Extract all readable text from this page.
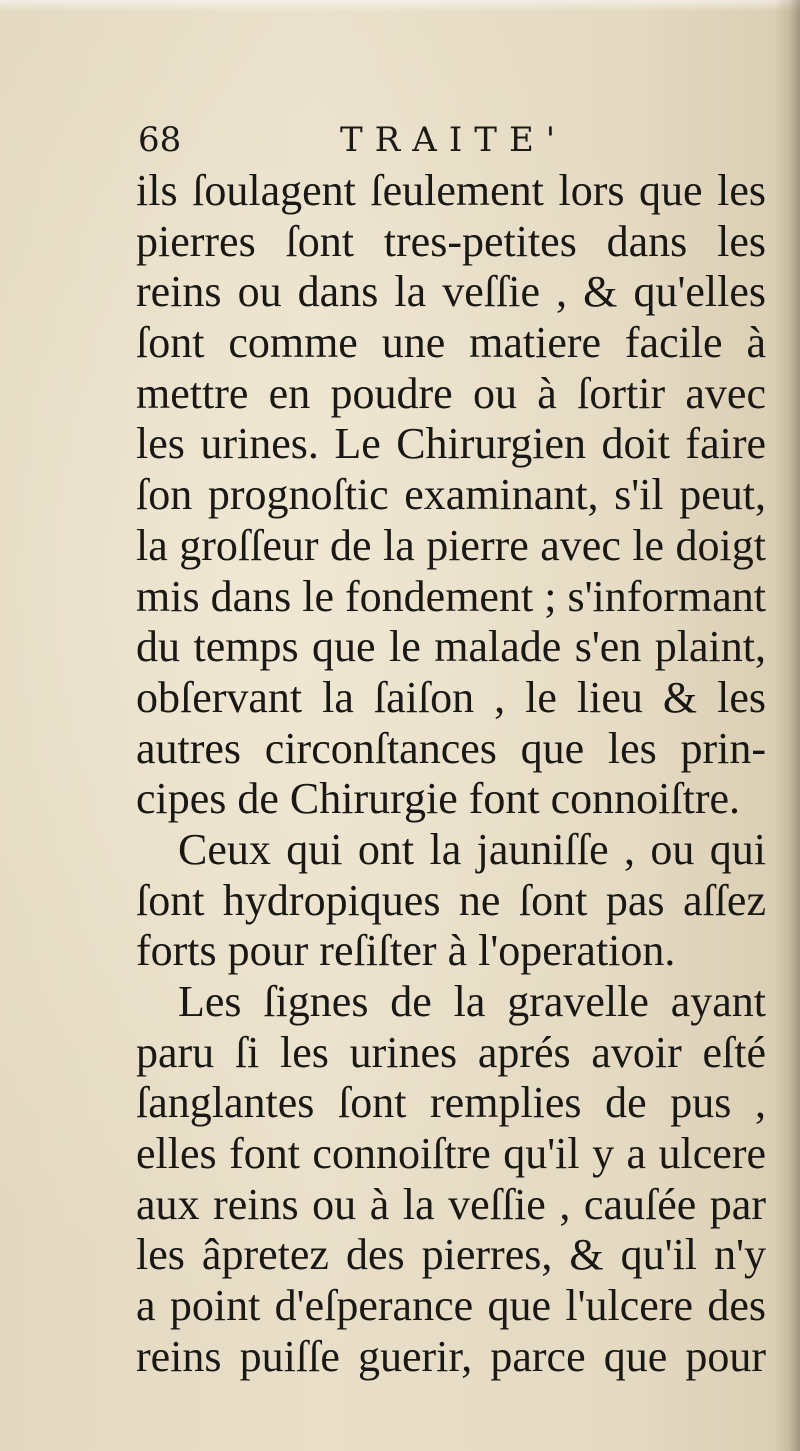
68	TRAITE'
ils ſoulagent ſeulement lors que les
pierres ſont tres-petites dans les
reins ou dans la veſſie , & qu'elles
ſont comme une matiere facile à
mettre en poudre ou à ſortir avec
les urines. Le Chirurgien doit faire
ſon prognoſtic examinant, s'il peut,
la groſſeur de la pierre avec le doigt
mis dans le fondement ; s'informant
du temps que le malade s'en plaint,
obſervant la ſaiſon , le lieu & les
autres circonſtances que les prin-
cipes de Chirurgie font connoiſtre.
Ceux qui ont la jauniſſe , ou qui
ſont hydropiques ne ſont pas aſſez
forts pour reſiſter à l'operation.
Les ſignes de la gravelle ayant
paru ſi les urines aprés avoir eſté
ſanglantes ſont remplies de pus ,
elles font connoiſtre qu'il y a ulcere
aux reins ou à la veſſie , cauſée par
les âpretez des pierres, & qu'il n'y
a point d'eſperance que l'ulcere des
reins puiſſe guerir, parce que pour
